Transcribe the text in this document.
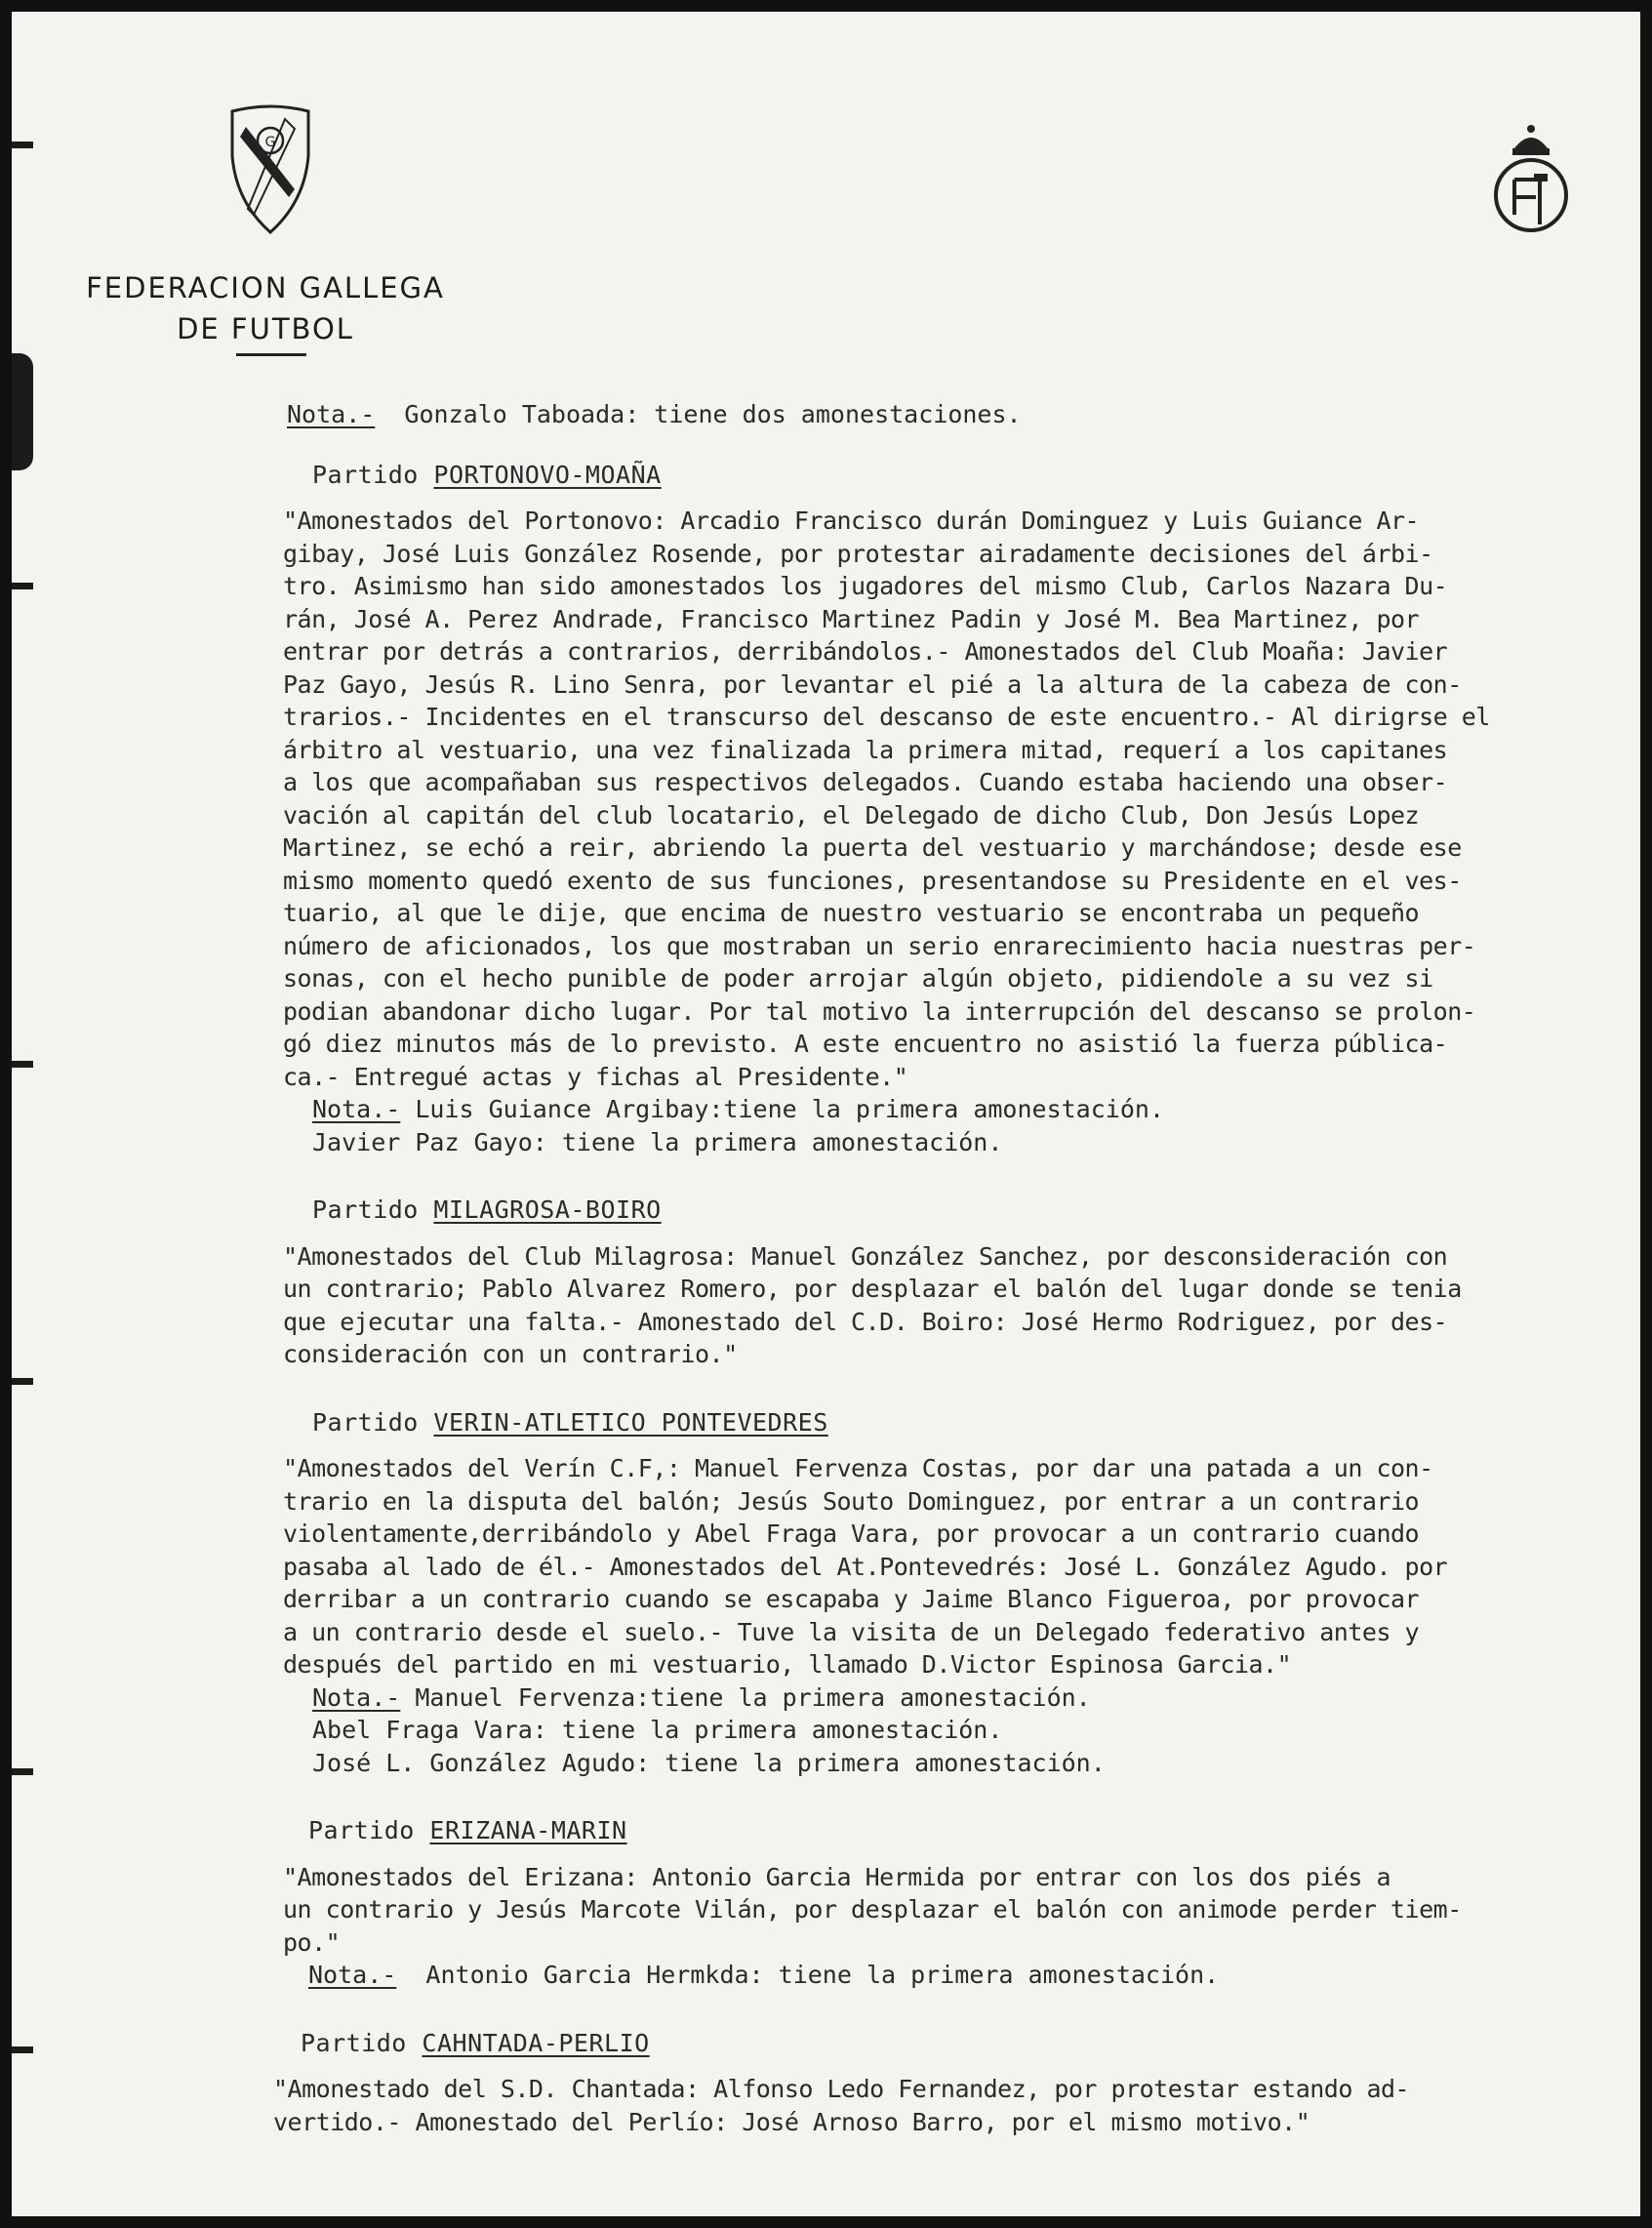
G
FEDERACION GALLEGA
DE FUTBOL
Nota.- Gonzalo Taboada: tiene dos amonestaciones.
Partido PORTONOVO-MOAÑA
"Amonestados del Portonovo: Arcadio Francisco durán Dominguez y Luis Guiance Ar-
gibay, José Luis González Rosende, por protestar airadamente decisiones del árbi-
tro. Asimismo han sido amonestados los jugadores del mismo Club, Carlos Nazara Du-
rán, José A. Perez Andrade, Francisco Martinez Padin y José M. Bea Martinez, por
entrar por detrás a contrarios, derribándolos.- Amonestados del Club Moaña: Javier
Paz Gayo, Jesús R. Lino Senra, por levantar el pié a la altura de la cabeza de con-
trarios.- Incidentes en el transcurso del descanso de este encuentro.- Al dirigrse el
árbitro al vestuario, una vez finalizada la primera mitad, requerí a los capitanes
a los que acompañaban sus respectivos delegados. Cuando estaba haciendo una obser-
vación al capitán del club locatario, el Delegado de dicho Club, Don Jesús Lopez
Martinez, se echó a reir, abriendo la puerta del vestuario y marchándose; desde ese
mismo momento quedó exento de sus funciones, presentandose su Presidente en el ves-
tuario, al que le dije, que encima de nuestro vestuario se encontraba un pequeño
número de aficionados, los que mostraban un serio enrarecimiento hacia nuestras per-
sonas, con el hecho punible de poder arrojar algún objeto, pidiendole a su vez si
podian abandonar dicho lugar. Por tal motivo la interrupción del descanso se prolon-
gó diez minutos más de lo previsto. A este encuentro no asistió la fuerza pública-
ca.- Entregué actas y fichas al Presidente."
Nota.- Luis Guiance Argibay:tiene la primera amonestación.
Javier Paz Gayo: tiene la primera amonestación.
Partido MILAGROSA-BOIRO
"Amonestados del Club Milagrosa: Manuel González Sanchez, por desconsideración con
un contrario; Pablo Alvarez Romero, por desplazar el balón del lugar donde se tenia
que ejecutar una falta.- Amonestado del C.D. Boiro: José Hermo Rodriguez, por des-
consideración con un contrario."
Partido VERIN-ATLETICO PONTEVEDRES
"Amonestados del Verín C.F,: Manuel Fervenza Costas, por dar una patada a un con-
trario en la disputa del balón; Jesús Souto Dominguez, por entrar a un contrario
violentamente,derribándolo y Abel Fraga Vara, por provocar a un contrario cuando
pasaba al lado de él.- Amonestados del At.Pontevedrés: José L. González Agudo. por
derribar a un contrario cuando se escapaba y Jaime Blanco Figueroa, por provocar
a un contrario desde el suelo.- Tuve la visita de un Delegado federativo antes y
después del partido en mi vestuario, llamado D.Victor Espinosa Garcia."
Nota.- Manuel Fervenza:tiene la primera amonestación.
Abel Fraga Vara: tiene la primera amonestación.
José L. González Agudo: tiene la primera amonestación.
Partido ERIZANA-MARIN
"Amonestados del Erizana: Antonio Garcia Hermida por entrar con los dos piés a
un contrario y Jesús Marcote Vilán, por desplazar el balón con animode perder tiem-
po."
Nota.- Antonio Garcia Hermkda: tiene la primera amonestación.
Partido CAHNTADA-PERLIO
"Amonestado del S.D. Chantada: Alfonso Ledo Fernandez, por protestar estando ad-
vertido.- Amonestado del Perlío: José Arnoso Barro, por el mismo motivo."
